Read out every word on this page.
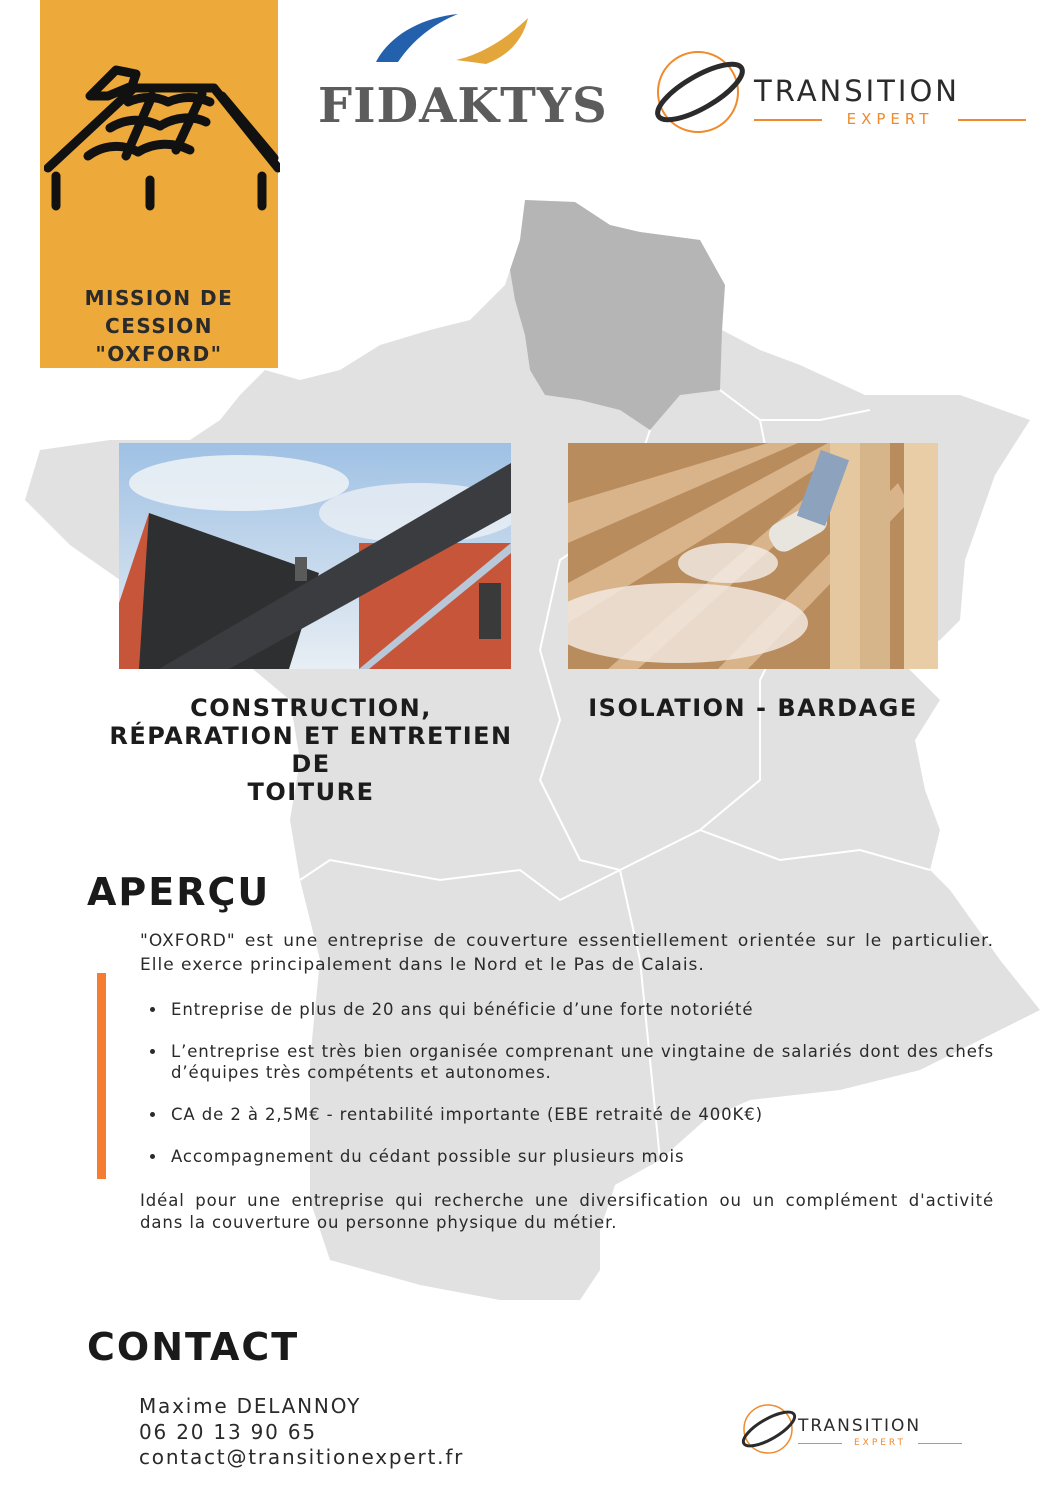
MISSION DE
CESSION
"OXFORD"
FIDAKTYS	TRANSITION
EXPERT
CONSTRUCTION,
RÉPARATION ET ENTRETIEN DE
TOITURE
ISOLATION - BARDAGE
APERÇU
"OXFORD" est une entreprise de couverture essentiellement orientée sur le particulier. Elle exerce principalement dans le Nord et le Pas de Calais.
Entreprise de plus de 20 ans qui bénéficie d’une forte notoriété
L’entreprise est très bien organisée comprenant une vingtaine de salariés dont des chefs d’équipes très compétents et autonomes.
CA de 2 à 2,5M€ - rentabilité importante (EBE retraité de 400K€)
Accompagnement du cédant possible sur plusieurs mois
Idéal pour une entreprise qui recherche une diversification ou un complément d'activité dans la couverture ou personne physique du métier.
CONTACT
Maxime DELANNOY
06 20 13 90 65
contact@transitionexpert.fr
TRANSITION
EXPERT
